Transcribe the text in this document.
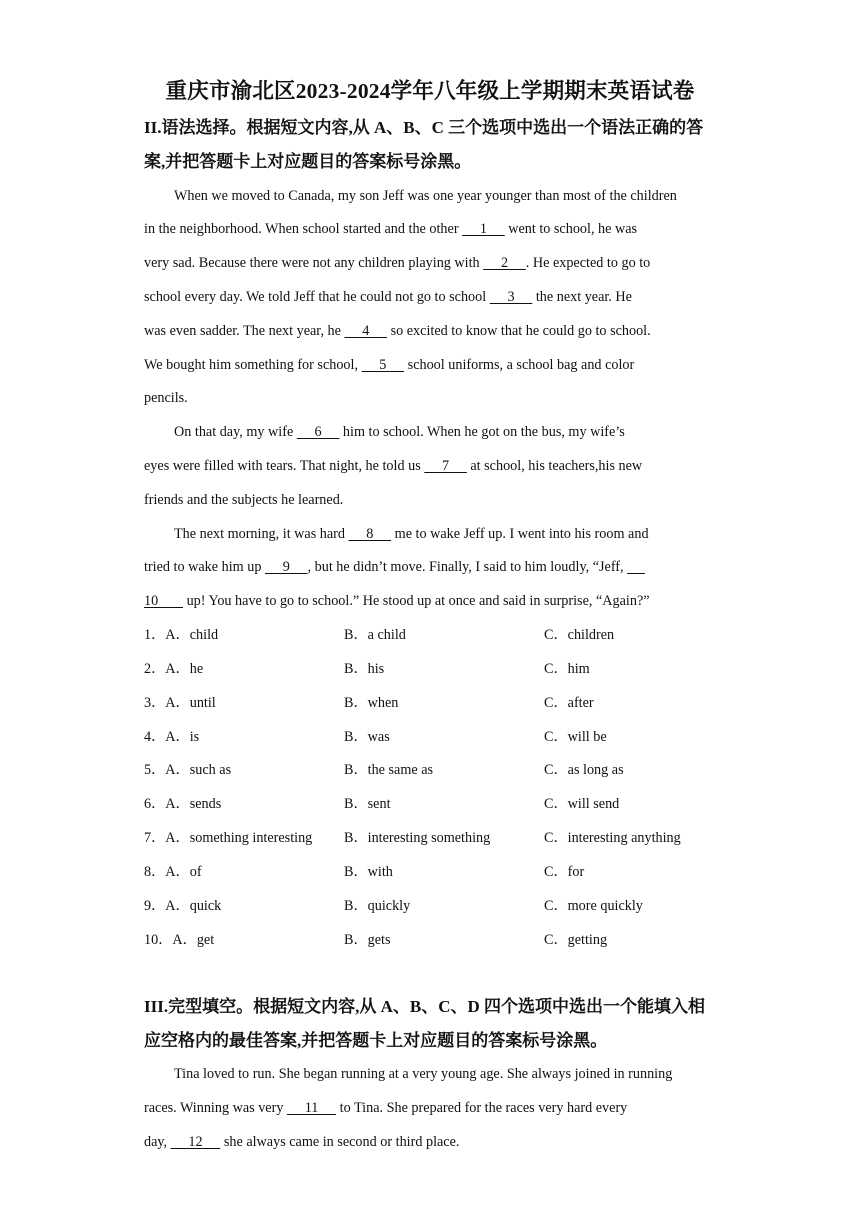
重庆市渝北区2023-2024学年八年级上学期期末英语试卷
II.语法选择。根据短文内容,从 A、B、C 三个选项中选出一个语法正确的答
案,并把答题卡上对应题目的答案标号涂黑。
When we moved to Canada, my son Jeff was one year younger than most of the children
in the neighborhood. When school started and the other      1      went to school, he was
very sad. Because there were not any children playing with      2     . He expected to go to
school every day. We told Jeff that he could not go to school      3      the next year. He
was even sadder. The next year, he      4      so excited to know that he could go to school.
We bought him something for school,      5      school uniforms, a school bag and color
pencils.
On that day, my wife      6      him to school. When he got on the bus, my wife’s
eyes were filled with tears. That night, he told us      7      at school, his teachers,his new
friends and the subjects he learned.
The next morning, it was hard      8      me to wake Jeff up. I went into his room and
tried to wake him up      9     , but he didn’t move. Finally, I said to him loudly, “Jeff,
10        up! You have to go to school.” He stood up at once and said in surprise, “Again?”
1．A．child	B．a child	C．children
2．A．he	B．his	C．him
3．A．until	B．when	C．after
4．A．is	B．was	C．will be
5．A．such as	B．the same as	C．as long as
6．A．sends	B．sent	C．will send
7．A．something interesting B．interesting something	C．interesting anything
8．A．of	B．with	C．for
9．A．quick	B．quickly	C．more quickly
10．A．get	B．gets	C．getting
III.完型填空。根据短文内容,从 A、B、C、D 四个选项中选出一个能填入相
应空格内的最佳答案,并把答题卡上对应题目的答案标号涂黑。
Tina loved to run. She began running at a very young age. She always joined in running
races. Winning was very      11      to Tina. She prepared for the races very hard every
day,      12      she always came in second or third place.
